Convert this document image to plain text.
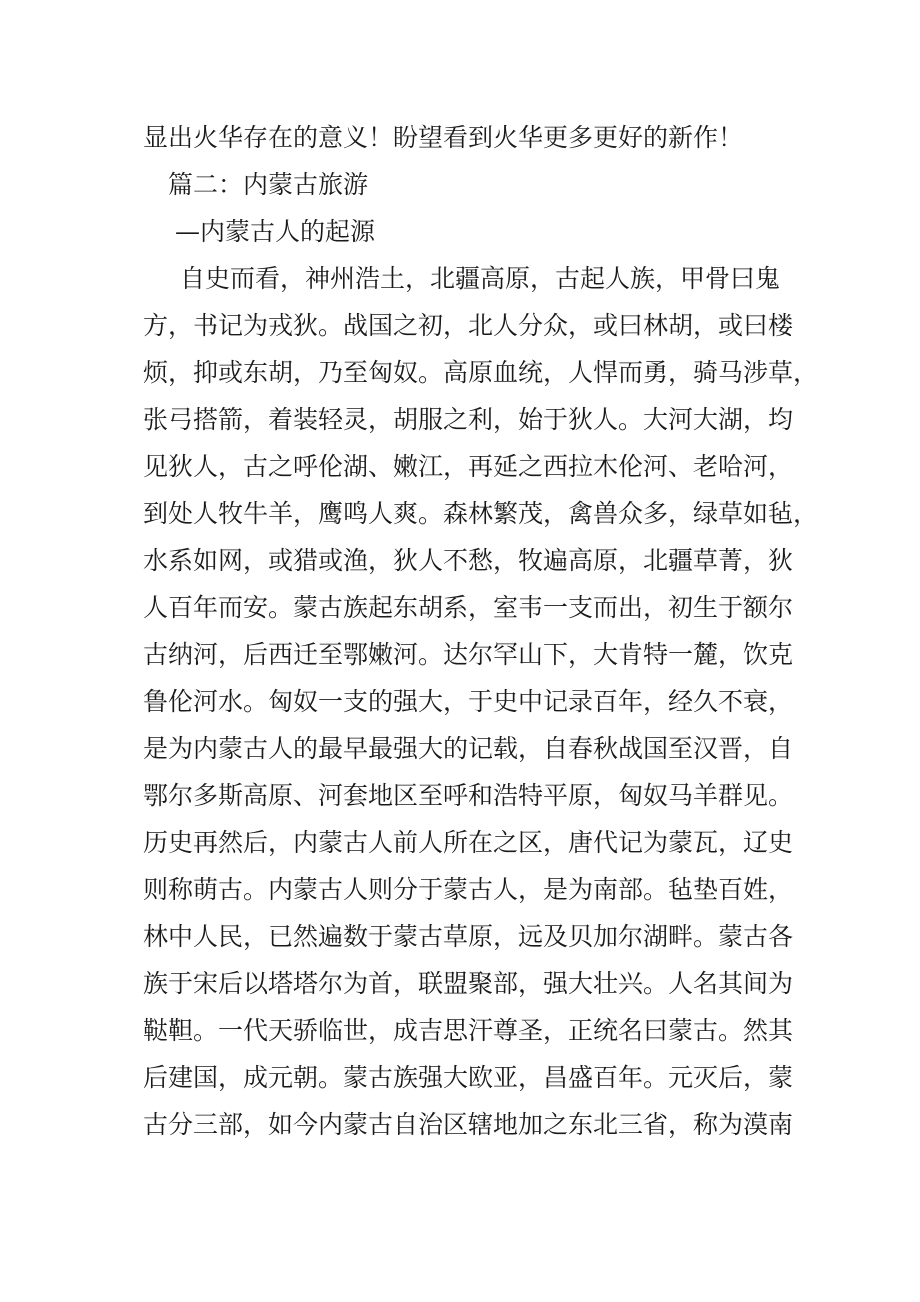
显出火华存在的意义！盼望看到火华更多更好的新作！
篇二：内蒙古旅游
—内蒙古人的起源
自史而看，神州浩土，北疆高原，古起人族，甲骨曰鬼
方，书记为戎狄。战国之初，北人分众，或曰林胡，或曰楼
烦，抑或东胡，乃至匈奴。高原血统，人悍而勇，骑马涉草，
张弓搭箭，着装轻灵，胡服之利，始于狄人。大河大湖，均
见狄人，古之呼伦湖、嫩江，再延之西拉木伦河、老哈河，
到处人牧牛羊，鹰鸣人爽。森林繁茂，禽兽众多，绿草如毡，
水系如网，或猎或渔，狄人不愁，牧遍高原，北疆草菁，狄
人百年而安。蒙古族起东胡系，室韦一支而出，初生于额尔
古纳河，后西迁至鄂嫩河。达尔罕山下，大肯特一麓，饮克
鲁伦河水。匈奴一支的强大，于史中记录百年，经久不衰，
是为内蒙古人的最早最强大的记载，自春秋战国至汉晋，自
鄂尔多斯高原、河套地区至呼和浩特平原，匈奴马羊群见。
历史再然后，内蒙古人前人所在之区，唐代记为蒙瓦，辽史
则称萌古。内蒙古人则分于蒙古人，是为南部。毡垫百姓，
林中人民，已然遍数于蒙古草原，远及贝加尔湖畔。蒙古各
族于宋后以塔塔尔为首，联盟聚部，强大壮兴。人名其间为
鞑靼。一代天骄临世，成吉思汗尊圣，正统名曰蒙古。然其
后建国，成元朝。蒙古族强大欧亚，昌盛百年。元灭后，蒙
古分三部，如今内蒙古自治区辖地加之东北三省，称为漠南
